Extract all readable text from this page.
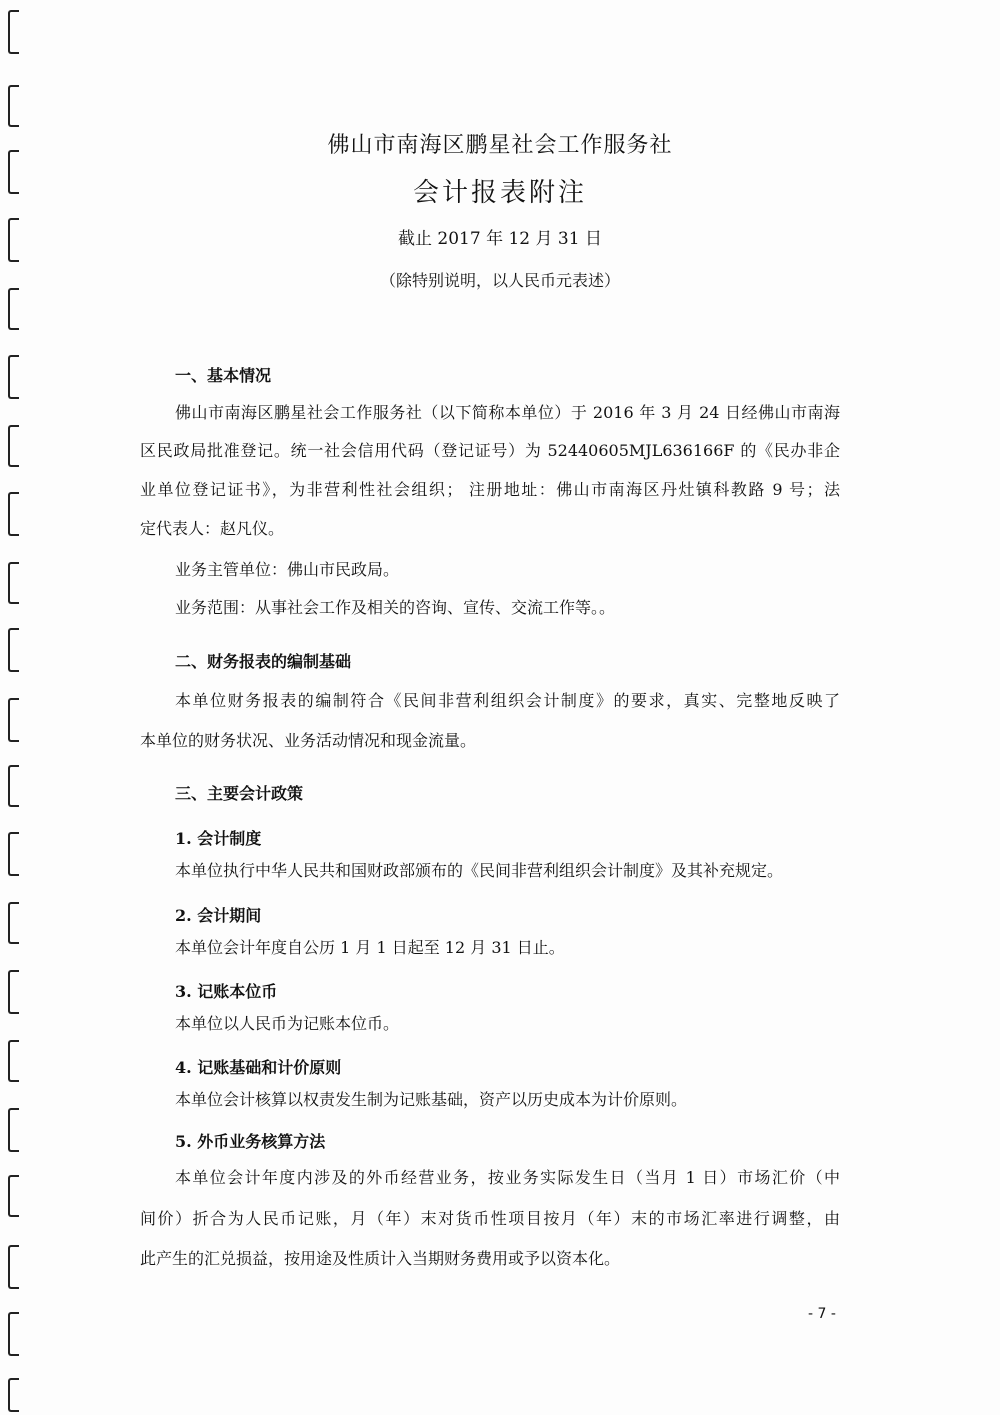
佛山市南海区鹏星社会工作服务社
会计报表附注
截止 2017 年 12 月 31 日
（除特别说明，以人民币元表述）
一、基本情况
佛山市南海区鹏星社会工作服务社（以下简称本单位）于 2016 年 3 月 24 日经佛山市南海
区民政局批准登记。统一社会信用代码（登记证号）为 52440605MJL636166F 的《民办非企
业单位登记证书》，为非营利性社会组织； 注册地址：佛山市南海区丹灶镇科教路 9 号；法
定代表人：赵凡仪。
业务主管单位：佛山市民政局。
业务范围：从事社会工作及相关的咨询、宣传、交流工作等。。
二、财务报表的编制基础
本单位财务报表的编制符合《民间非营利组织会计制度》的要求，真实、完整地反映了
本单位的财务状况、业务活动情况和现金流量。
三、主要会计政策
1. 会计制度
本单位执行中华人民共和国财政部颁布的《民间非营利组织会计制度》及其补充规定。
2. 会计期间
本单位会计年度自公历 1 月 1 日起至 12 月 31 日止。
3. 记账本位币
本单位以人民币为记账本位币。
4. 记账基础和计价原则
本单位会计核算以权责发生制为记账基础，资产以历史成本为计价原则。
5. 外币业务核算方法
本单位会计年度内涉及的外币经营业务，按业务实际发生日（当月 1 日）市场汇价（中
间价）折合为人民币记账，月（年）末对货币性项目按月（年）末的市场汇率进行调整，由
此产生的汇兑损益，按用途及性质计入当期财务费用或予以资本化。
- 7 -
